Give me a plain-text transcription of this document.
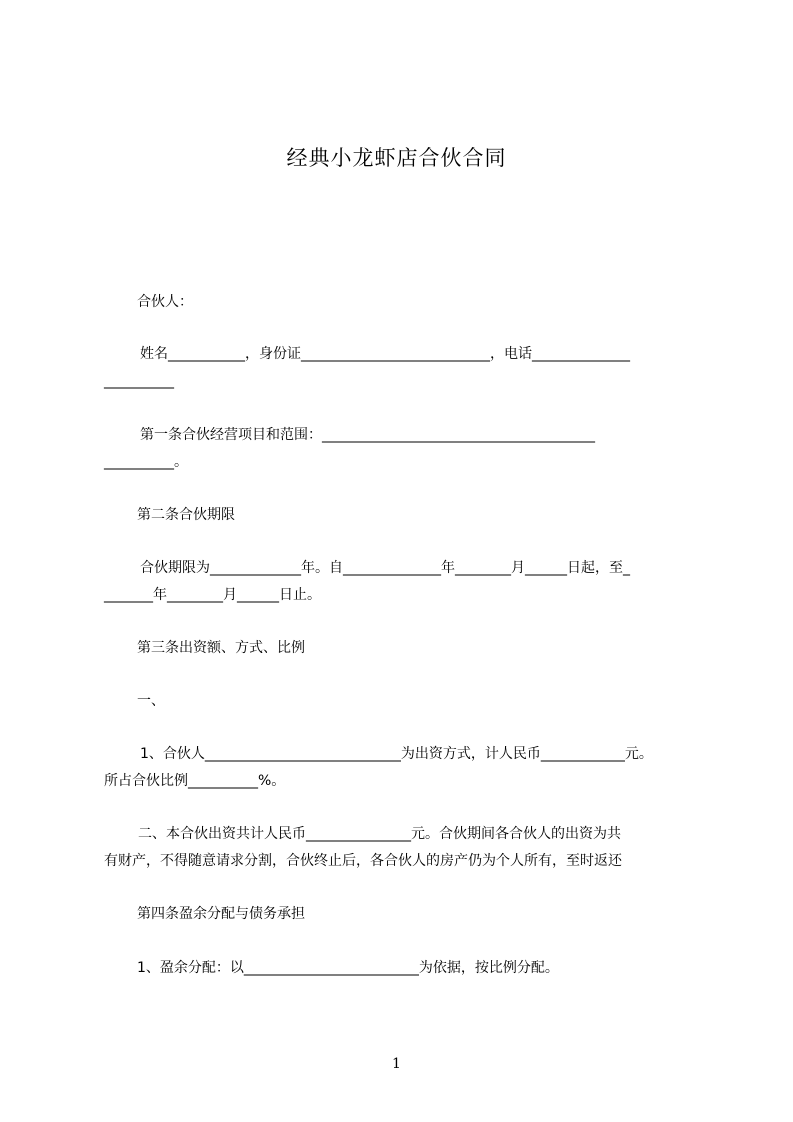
经典小龙虾店合伙合同
合伙人：
姓名___________，身份证___________________________，电话______________
__________
第一条合伙经营项目和范围：_______________________________________
__________。
第二条合伙期限
合伙期限为_____________年。自______________年________月______日起，至_
_______年________月______日止。
第三条出资额、方式、比例
一、
1、合伙人____________________________为出资方式，计人民币____________元。
所占合伙比例__________%。
二、本合伙出资共计人民币_______________元。合伙期间各合伙人的出资为共
有财产，不得随意请求分割，合伙终止后，各合伙人的房产仍为个人所有，至时返还
第四条盈余分配与债务承担
1、盈余分配：以_________________________为依据，按比例分配。
1
